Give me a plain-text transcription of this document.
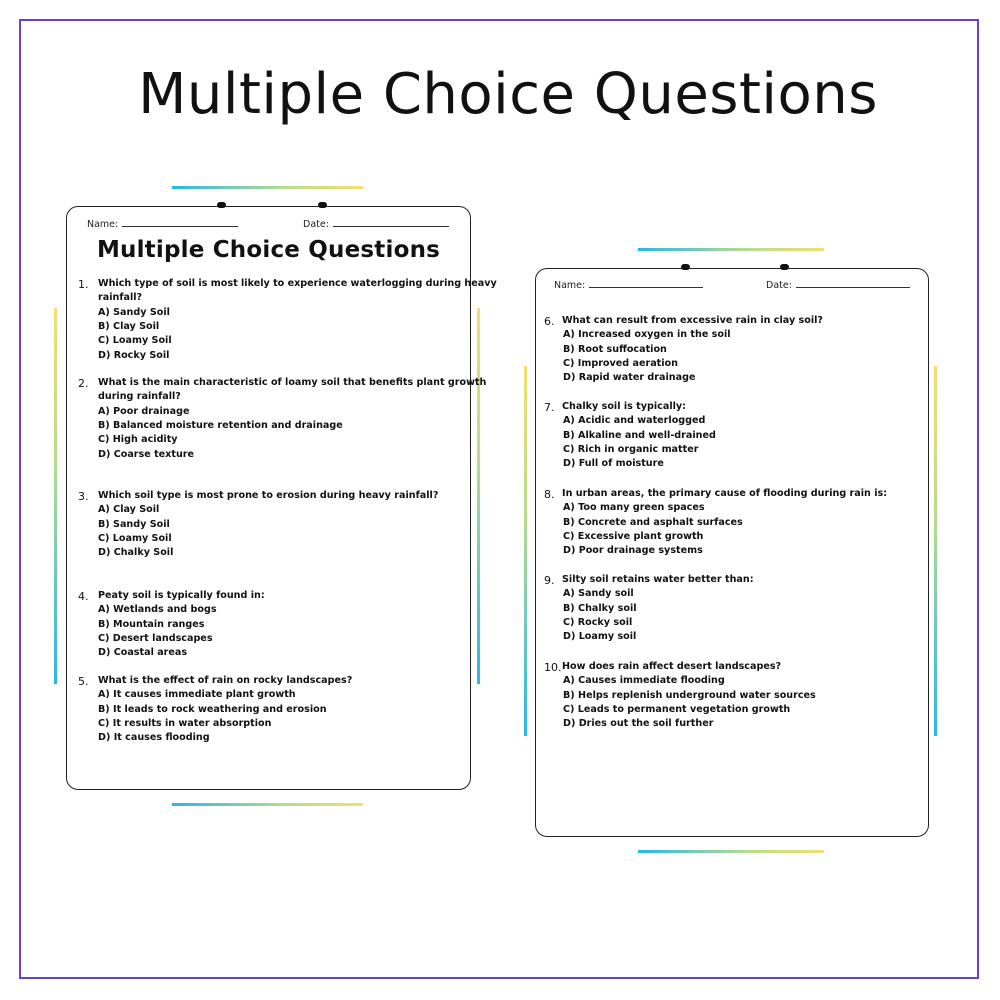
Multiple Choice Questions
Name:	Date:
Multiple Choice Questions
1. Which type of soil is most likely to experience waterlogging during heavy
rainfall?
A) Sandy Soil
B) Clay Soil
C) Loamy Soil
D) Rocky Soil
2. What is the main characteristic of loamy soil that benefits plant growth
during rainfall?
A) Poor drainage
B) Balanced moisture retention and drainage
C) High acidity
D) Coarse texture
3. Which soil type is most prone to erosion during heavy rainfall?
A) Clay Soil
B) Sandy Soil
C) Loamy Soil
D) Chalky Soil
4. Peaty soil is typically found in:
A) Wetlands and bogs
B) Mountain ranges
C) Desert landscapes
D) Coastal areas
5. What is the effect of rain on rocky landscapes?
A) It causes immediate plant growth
B) It leads to rock weathering and erosion
C) It results in water absorption
D) It causes flooding
Name:	Date:
6. What can result from excessive rain in clay soil?
A) Increased oxygen in the soil
B) Root suffocation
C) Improved aeration
D) Rapid water drainage
7. Chalky soil is typically:
A) Acidic and waterlogged
B) Alkaline and well-drained
C) Rich in organic matter
D) Full of moisture
8. In urban areas, the primary cause of flooding during rain is:
A) Too many green spaces
B) Concrete and asphalt surfaces
C) Excessive plant growth
D) Poor drainage systems
9. Silty soil retains water better than:
A) Sandy soil
B) Chalky soil
C) Rocky soil
D) Loamy soil
10. How does rain affect desert landscapes?
A) Causes immediate flooding
B) Helps replenish underground water sources
C) Leads to permanent vegetation growth
D) Dries out the soil further
